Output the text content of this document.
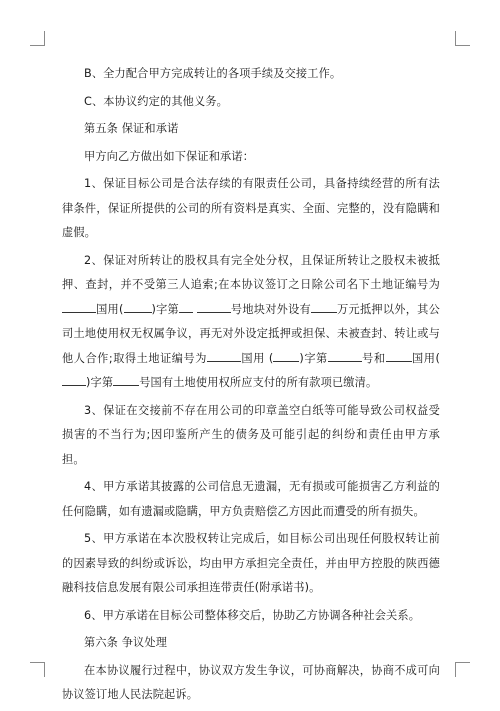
B、全力配合甲方完成转让的各项手续及交接工作。

C、本协议约定的其他义务。

第五条 保证和承诺

甲方向乙方做出如下保证和承诺：

1、保证目标公司是合法存续的有限责任公司，具备持续经营的所有法律条件，保证所提供的公司的所有资料是真实、全面、完整的，没有隐瞒和虚假。

2、保证对所转让的股权具有完全处分权，且保证所转让之股权未被抵押、查封，并不受第三人追索;在本协议签订之日除公司名下土地证编号为国用(	)字第	号地块对外设有 万元抵押以外，其公司土地使用权无权属争议，再无对外设定抵押或担保、未被查封、转让或与他人合作;取得土地证编号为	国用 ( )字第	号和 国用()字第 号国有土地使用权所应支付的所有款项已缴清。

3、保证在交接前不存在用公司的印章盖空白纸等可能导致公司权益受损害的不当行为;因印鉴所产生的债务及可能引起的纠纷和责任由甲方承担。

4、甲方承诺其披露的公司信息无遗漏，无有损或可能损害乙方利益的任何隐瞒，如有遗漏或隐瞒，甲方负责赔偿乙方因此而遭受的所有损失。

5、甲方承诺在本次股权转让完成后，如目标公司出现任何股权转让前的因素导致的纠纷或诉讼，均由甲方承担完全责任，并由甲方控股的陕西德融科技信息发展有限公司承担连带责任(附承诺书)。

6、甲方承诺在目标公司整体移交后，协助乙方协调各种社会关系。

第六条 争议处理

在本协议履行过程中，协议双方发生争议，可协商解决，协商不成可向协议签订地人民法院起诉。
